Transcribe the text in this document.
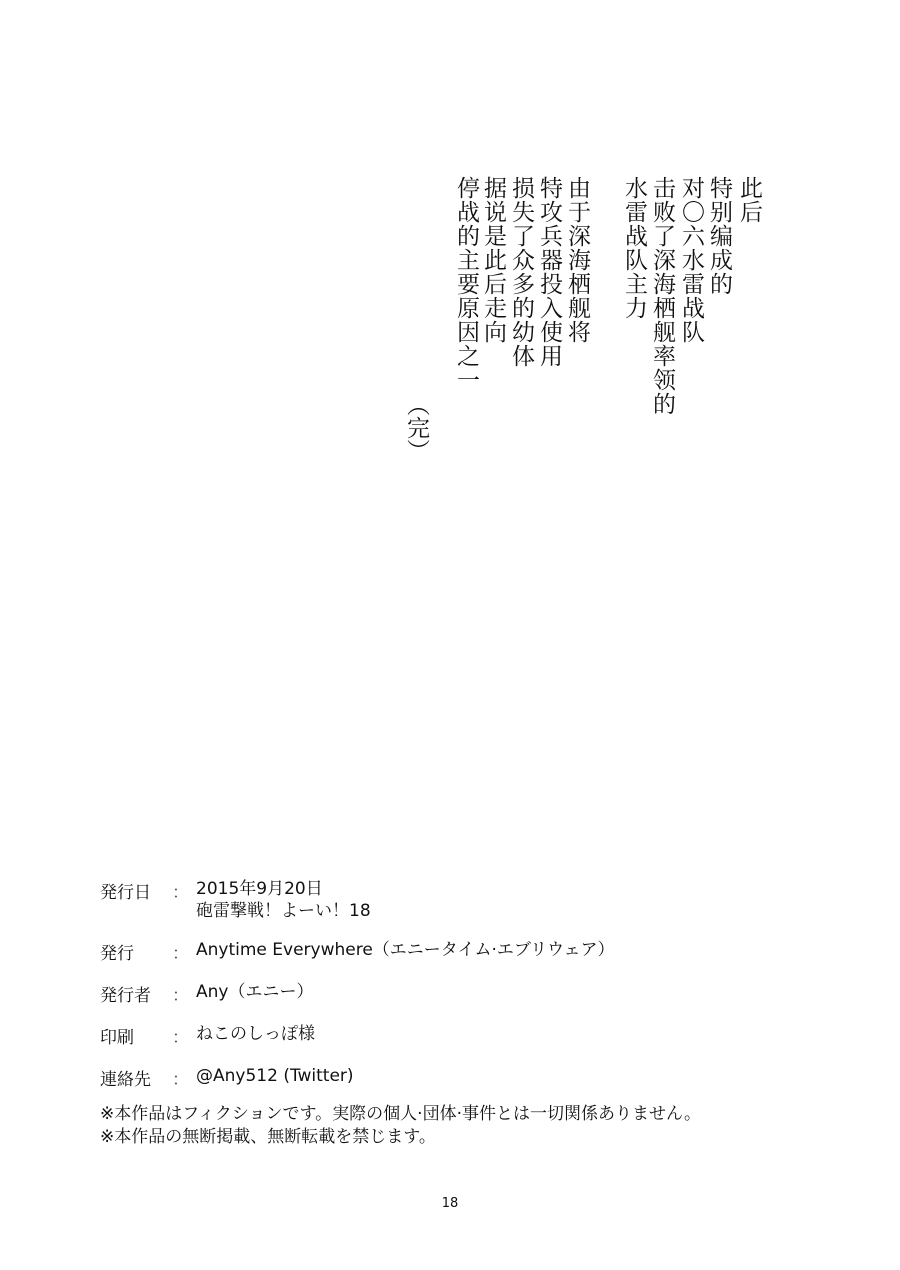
此后
特别编成的
对〇六水雷战队
击败了深海栖舰率领的
水雷战队主力
由于深海栖舰将
特攻兵器投入使用
损失了众多的幼体
据说是此后走向
停战的主要原因之一
（完）
発行日	： 2015年9月20日
砲雷撃戦！よーい！18
発行	： Anytime Everywhere（エニータイム·エブリウェア）
発行者	： Any（エニー）
印刷	： ねこのしっぽ様
連絡先	： @Any512 (Twitter)
※本作品はフィクションです。実際の個人·団体·事件とは一切関係ありません。
※本作品の無断掲載、無断転載を禁じます。
18
